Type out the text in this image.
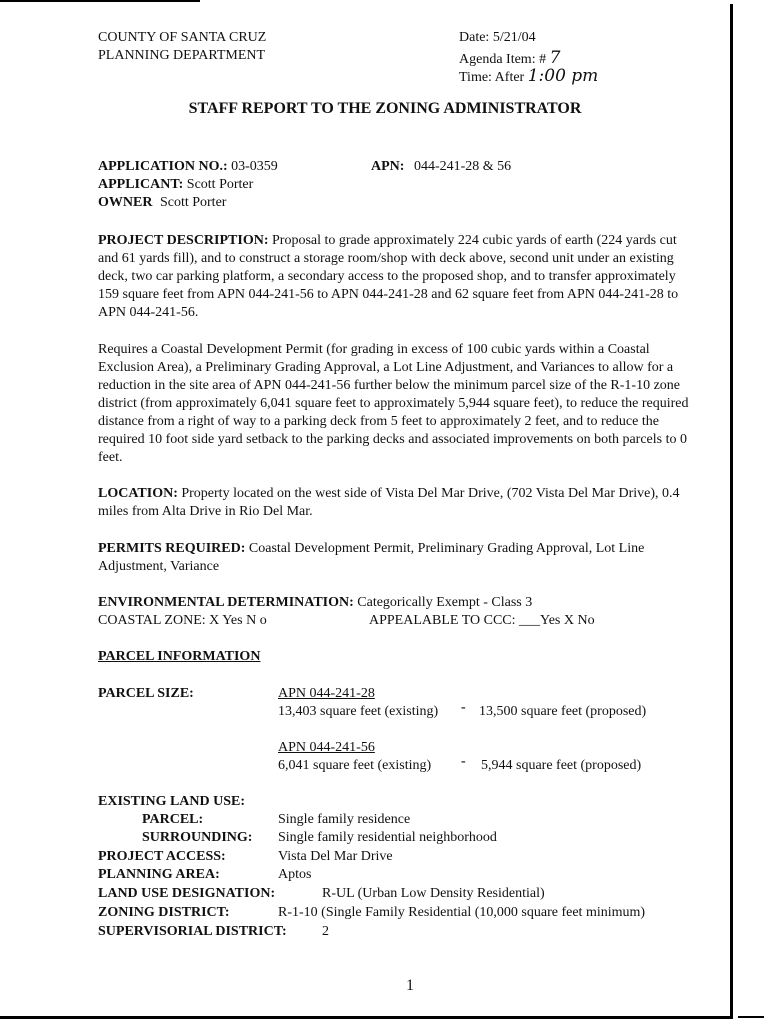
COUNTY OF SANTA CRUZ
PLANNING DEPARTMENT
Date: 5/21/04
Agenda Item: # 7
Time: After 1:00 pm
STAFF REPORT TO THE ZONING ADMINISTRATOR
APPLICATION NO.: 03-0359	APN: 044-241-28 & 56
APPLICANT: Scott Porter
OWNER Scott Porter
PROJECT DESCRIPTION: Proposal to grade approximately 224 cubic yards of earth (224 yards cut and 61 yards fill), and to construct a storage room/shop with deck above, second unit under an existing deck, two car parking platform, a secondary access to the proposed shop, and to transfer approximately 159 square feet from APN 044-241-56 to APN 044-241-28 and 62 square feet from APN 044-241-28 to APN 044-241-56.
Requires a Coastal Development Permit (for grading in excess of 100 cubic yards within a Coastal Exclusion Area), a Preliminary Grading Approval, a Lot Line Adjustment, and Variances to allow for a reduction in the site area of APN 044-241-56 further below the minimum parcel size of the R-1-10 zone district (from approximately 6,041 square feet to approximately 5,944 square feet), to reduce the required distance from a right of way to a parking deck from 5 feet to approximately 2 feet, and to reduce the required 10 foot side yard setback to the parking decks and associated improvements on both parcels to 0 feet.
LOCATION: Property located on the west side of Vista Del Mar Drive, (702 Vista Del Mar Drive), 0.4 miles from Alta Drive in Rio Del Mar.
PERMITS REQUIRED: Coastal Development Permit, Preliminary Grading Approval, Lot Line Adjustment, Variance
ENVIRONMENTAL DETERMINATION: Categorically Exempt - Class 3
COASTAL ZONE: X Yes N o	APPEALABLE TO CCC: ___Yes X No
PARCEL INFORMATION
PARCEL SIZE:	APN 044-241-28
13,403 square feet (existing) - 13,500 square feet (proposed)
APN 044-241-56
6,041 square feet (existing) - 5,944 square feet (proposed)
EXISTING LAND USE:
PARCEL:	Single family residence
SURROUNDING: Single family residential neighborhood
PROJECT ACCESS:	Vista Del Mar Drive
PLANNING AREA:	Aptos
LAND USE DESIGNATION:	R-UL (Urban Low Density Residential)
ZONING DISTRICT:	R-1-10 (Single Family Residential (10,000 square feet minimum)
SUPERVISORIAL DISTRICT:	2
1
